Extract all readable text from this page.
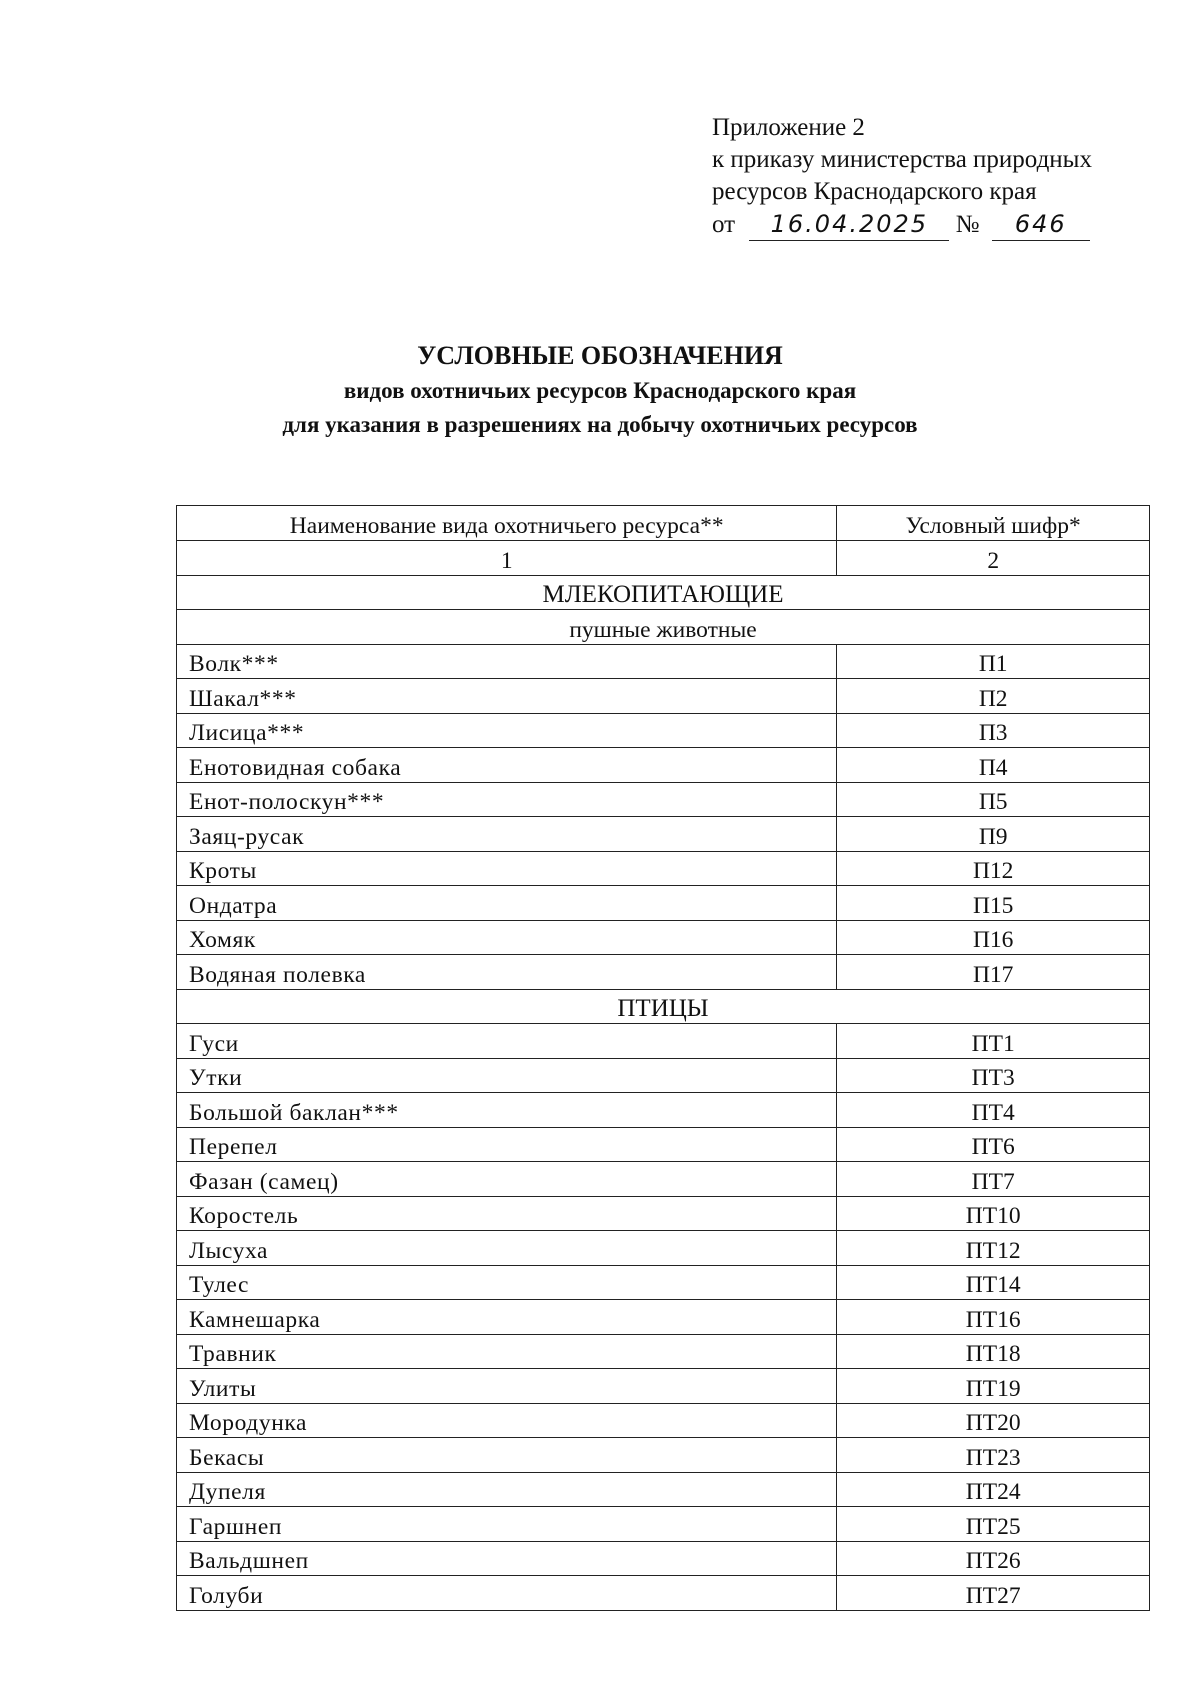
Приложение 2
к приказу министерства природных
ресурсов Краснодарского края
от 16.04.2025 № 646
УСЛОВНЫЕ ОБОЗНАЧЕНИЯ
видов охотничьих ресурсов Краснодарского края
для указания в разрешениях на добычу охотничьих ресурсов
Наименование вида охотничьего ресурса**	Условный шифр*
1	2
МЛЕКОПИТАЮЩИЕ	
пушные животные	
Волк***	П1
Шакал***	П2
Лисица***	П3
Енотовидная собака	П4
Енот-полоскун***	П5
Заяц-русак	П9
Кроты	П12
Ондатра	П15
Хомяк	П16
Водяная полевка	П17
ПТИЦЫ	
Гуси	ПТ1
Утки	ПТ3
Большой баклан***	ПТ4
Перепел	ПТ6
Фазан (самец)	ПТ7
Коростель	ПТ10
Лысуха	ПТ12
Тулес	ПТ14
Камнешарка	ПТ16
Травник	ПТ18
Улиты	ПТ19
Мородунка	ПТ20
Бекасы	ПТ23
Дупеля	ПТ24
Гаршнеп	ПТ25
Вальдшнеп	ПТ26
Голуби	ПТ27
